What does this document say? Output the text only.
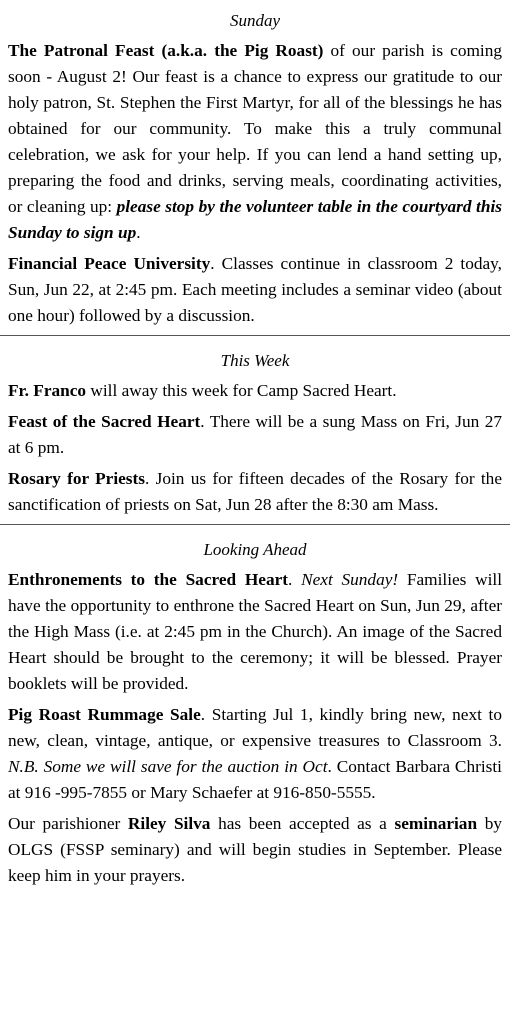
Sunday

The Patronal Feast (a.k.a. the Pig Roast) of our parish is coming soon - August 2! Our feast is a chance to express our gratitude to our holy patron, St. Stephen the First Martyr, for all of the blessings he has obtained for our community. To make this a truly communal celebration, we ask for your help. If you can lend a hand setting up, preparing the food and drinks, serving meals, coordinating activities, or cleaning up: please stop by the volunteer table in the courtyard this Sunday to sign up.

Financial Peace University. Classes continue in classroom 2 today, Sun, Jun 22, at 2:45 pm. Each meeting includes a seminar video (about one hour) followed by a discussion.

This Week

Fr. Franco will away this week for Camp Sacred Heart.

Feast of the Sacred Heart. There will be a sung Mass on Fri, Jun 27 at 6 pm.

Rosary for Priests. Join us for fifteen decades of the Rosary for the sanctification of priests on Sat, Jun 28 after the 8:30 am Mass.

Looking Ahead

Enthronements to the Sacred Heart. Next Sunday! Families will have the opportunity to enthrone the Sacred Heart on Sun, Jun 29, after the High Mass (i.e. at 2:45 pm in the Church). An image of the Sacred Heart should be brought to the ceremony; it will be blessed. Prayer booklets will be provided.

Pig Roast Rummage Sale. Starting Jul 1, kindly bring new, next to new, clean, vintage, antique, or expensive treasures to Classroom 3. N.B. Some we will save for the auction in Oct. Contact Barbara Christi at 916 -995-7855 or Mary Schaefer at 916-850-5555.

Our parishioner Riley Silva has been accepted as a seminarian by OLGS (FSSP seminary) and will begin studies in September. Please keep him in your prayers.
